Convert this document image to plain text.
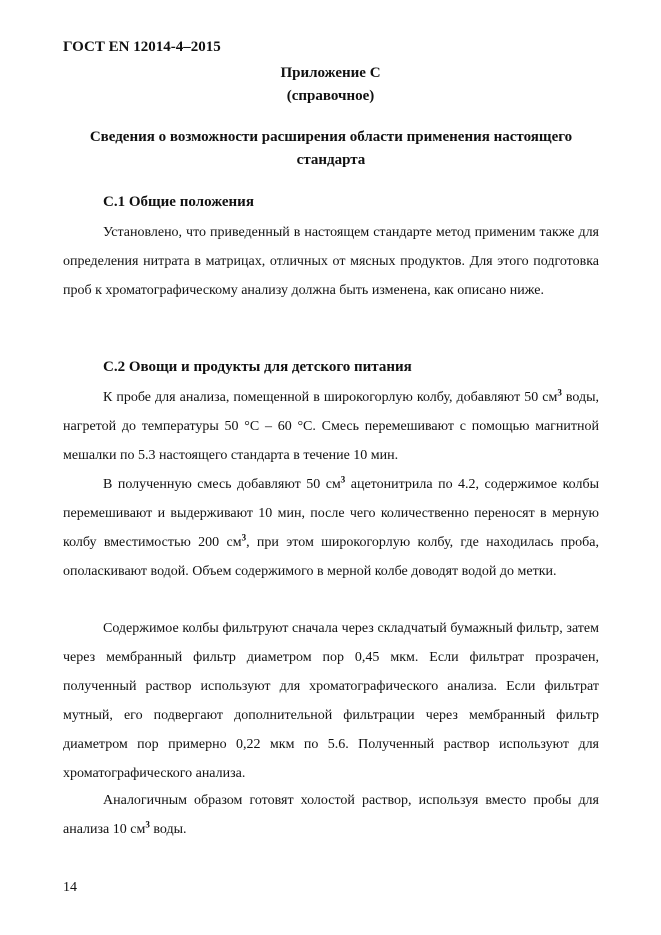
ГОСТ EN 12014-4–2015
Приложение С
(справочное)
Сведения о возможности расширения области применения настоящего стандарта
С.1 Общие положения

Установлено, что приведенный в настоящем стандарте метод применим также для определения нитрата в матрицах, отличных от мясных продуктов. Для этого подготовка проб к хроматографическому анализу должна быть изменена, как описано ниже.

С.2 Овощи и продукты для детского питания

К пробе для анализа, помещенной в широкогорлую колбу, добавляют 50 $см^3$ воды, нагретой до температуры 50 °С – 60 °С. Смесь перемешивают с помощью магнитной мешалки по 5.3 настоящего стандарта в течение 10 мин.

В полученную смесь добавляют 50 $см^3$ ацетонитрила по 4.2, содержимое колбы перемешивают и выдерживают 10 мин, после чего количественно переносят в мерную колбу вместимостью 200 $см^3$, при этом широкогорлую колбу, где находилась проба, ополаскивают водой. Объем содержимого в мерной колбе доводят водой до метки.

Содержимое колбы фильтруют сначала через складчатый бумажный фильтр, затем через мембранный фильтр диаметром пор 0,45 мкм. Если фильтрат прозрачен, полученный раствор используют для хроматографического анализа. Если фильтрат мутный, его подвергают дополнительной фильтрации через мембранный фильтр диаметром пор примерно 0,22 мкм по 5.6. Полученный раствор используют для хроматографического анализа.

Аналогичным образом готовят холостой раствор, используя вместо пробы для анализа 10 $см^3$ воды.

14
